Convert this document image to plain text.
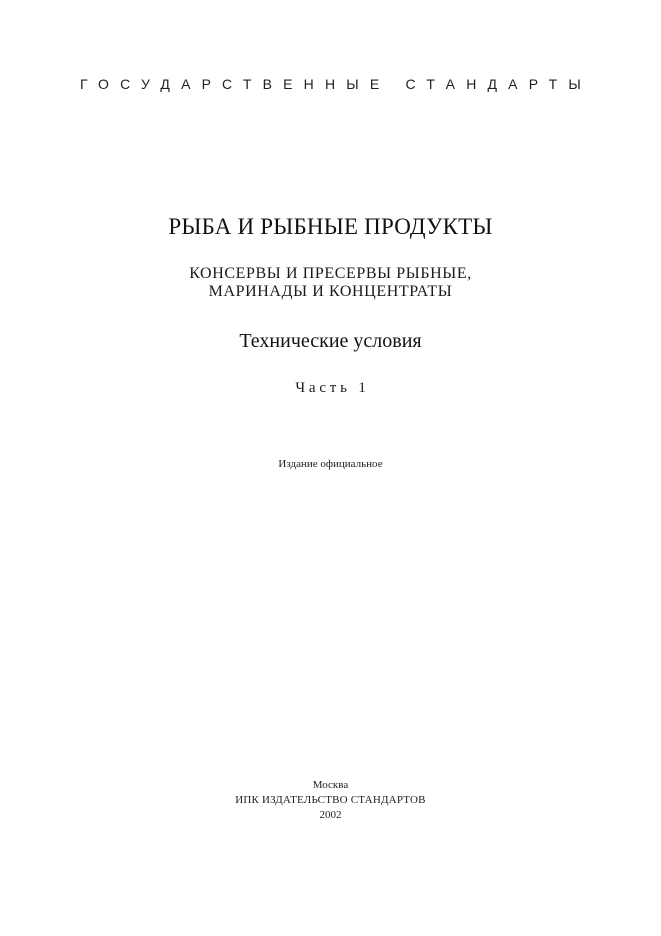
ГОСУДАРСТВЕННЫЕ СТАНДАРТЫ
РЫБА И РЫБНЫЕ ПРОДУКТЫ
КОНСЕРВЫ И ПРЕСЕРВЫ РЫБНЫЕ,
МАРИНАДЫ И КОНЦЕНТРАТЫ
Технические условия
Часть 1
Издание официальное
Москва
ИПК ИЗДАТЕЛЬСТВО СТАНДАРТОВ
2002
